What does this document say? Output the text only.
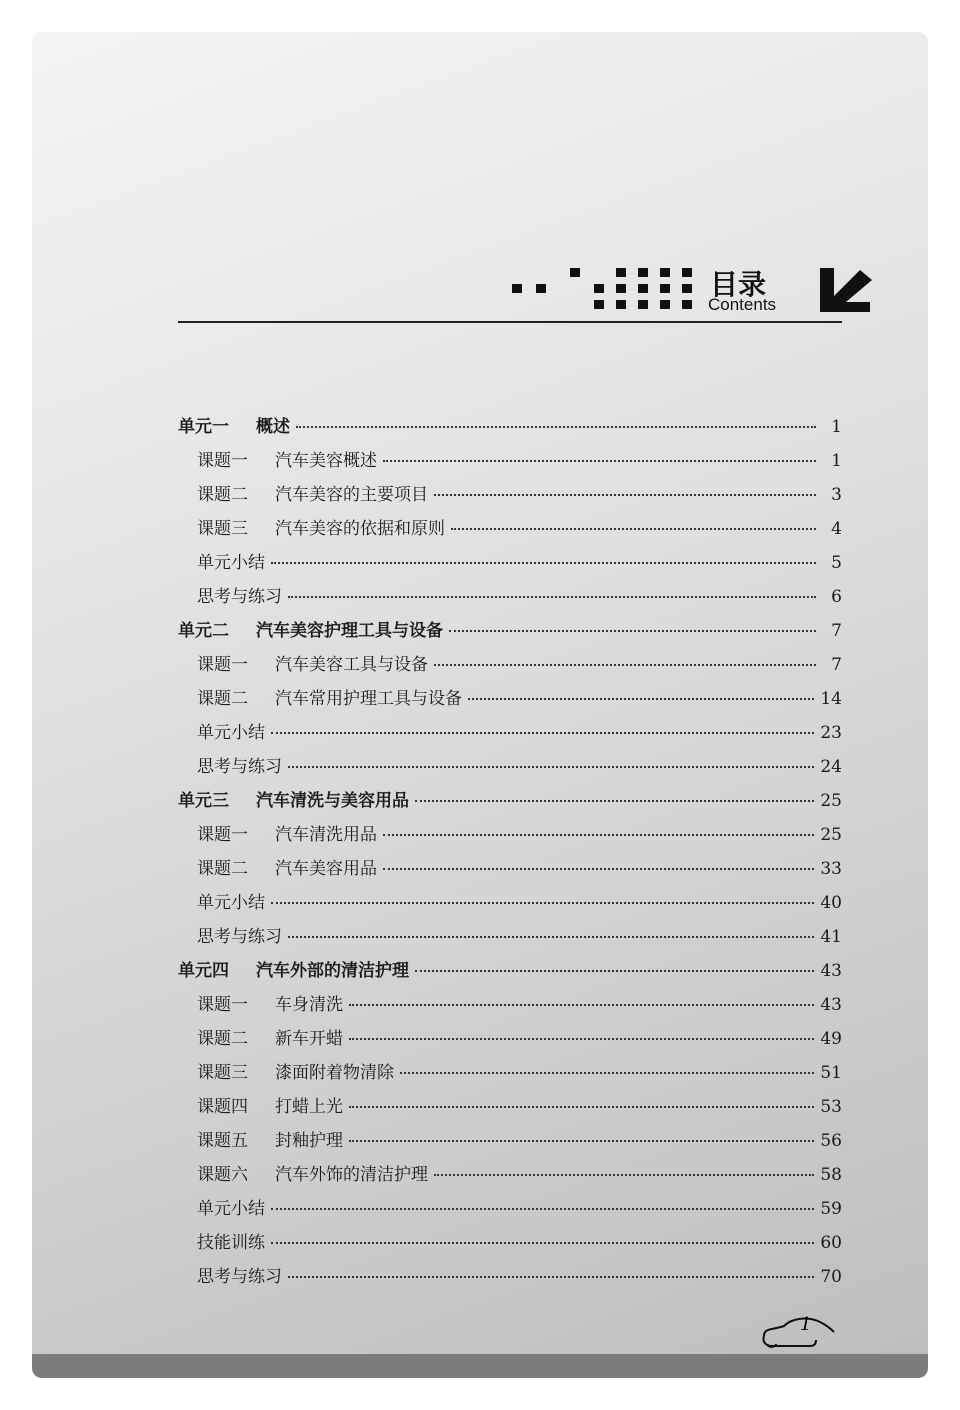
目录
Contents
单元一	概述	1
课题一	汽车美容概述	1
课题二	汽车美容的主要项目	3
课题三	汽车美容的依据和原则	4
单元小结	5
思考与练习	6
单元二	汽车美容护理工具与设备	7
课题一	汽车美容工具与设备	7
课题二	汽车常用护理工具与设备	14
单元小结	23
思考与练习	24
单元三	汽车清洗与美容用品	25
课题一	汽车清洗用品	25
课题二	汽车美容用品	33
单元小结	40
思考与练习	41
单元四	汽车外部的清洁护理	43
课题一	车身清洗	43
课题二	新车开蜡	49
课题三	漆面附着物清除	51
课题四	打蜡上光	53
课题五	封釉护理	56
课题六	汽车外饰的清洁护理	58
单元小结	59
技能训练	60
思考与练习	70
1
